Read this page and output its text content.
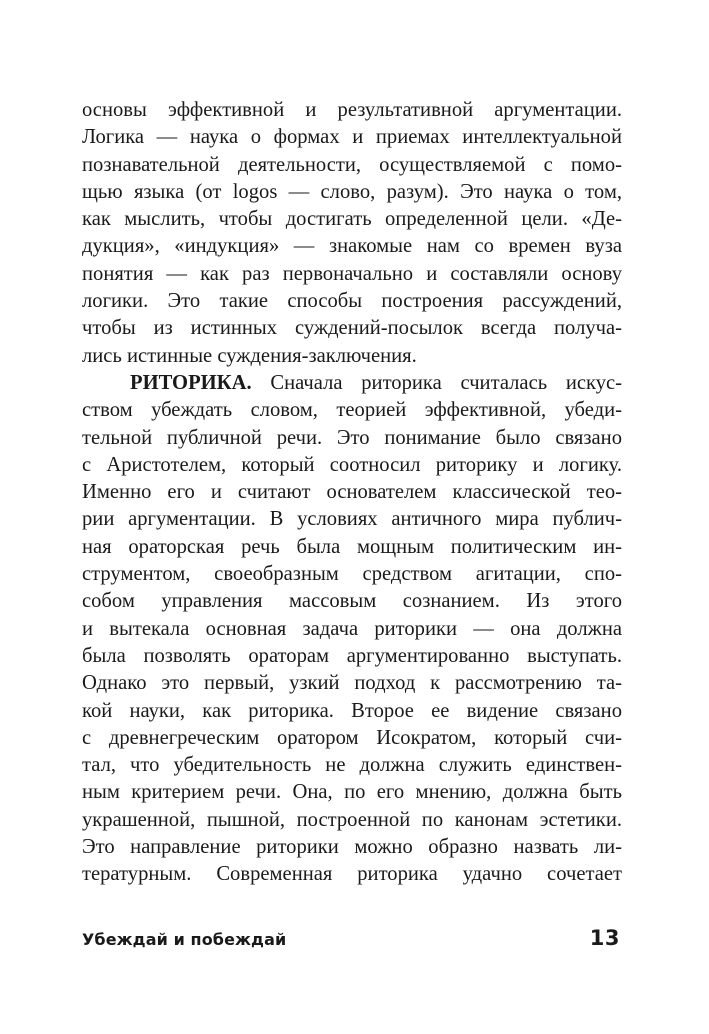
основы эффективной и результативной аргументации.
Логика — наука о формах и приемах интеллектуальной
познавательной деятельности, осуществляемой с помо-
щью языка (от logos — слово, разум). Это наука о том,
как мыслить, чтобы достигать определенной цели. «Де-
дукция», «индукция» — знакомые нам со времен вуза
понятия — как раз первоначально и составляли основу
логики. Это такие способы построения рассуждений,
чтобы из истинных суждений-посылок всегда получа-
лись истинные суждения-заключения.
РИТОРИКА. Сначала риторика считалась искус-
ством убеждать словом, теорией эффективной, убеди-
тельной публичной речи. Это понимание было связано
с Аристотелем, который соотносил риторику и логику.
Именно его и считают основателем классической тео-
рии аргументации. В условиях античного мира публич-
ная ораторская речь была мощным политическим ин-
струментом, своеобразным средством агитации, спо-
собом управления массовым сознанием. Из этого
и вытекала основная задача риторики — она должна
была позволять ораторам аргументированно выступать.
Однако это первый, узкий подход к рассмотрению та-
кой науки, как риторика. Второе ее видение связано
с древнегреческим оратором Исократом, который счи-
тал, что убедительность не должна служить единствен-
ным критерием речи. Она, по его мнению, должна быть
украшенной, пышной, построенной по канонам эстетики.
Это направление риторики можно образно назвать ли-
тературным. Современная риторика удачно сочетает
Убеждай и побеждай	13
